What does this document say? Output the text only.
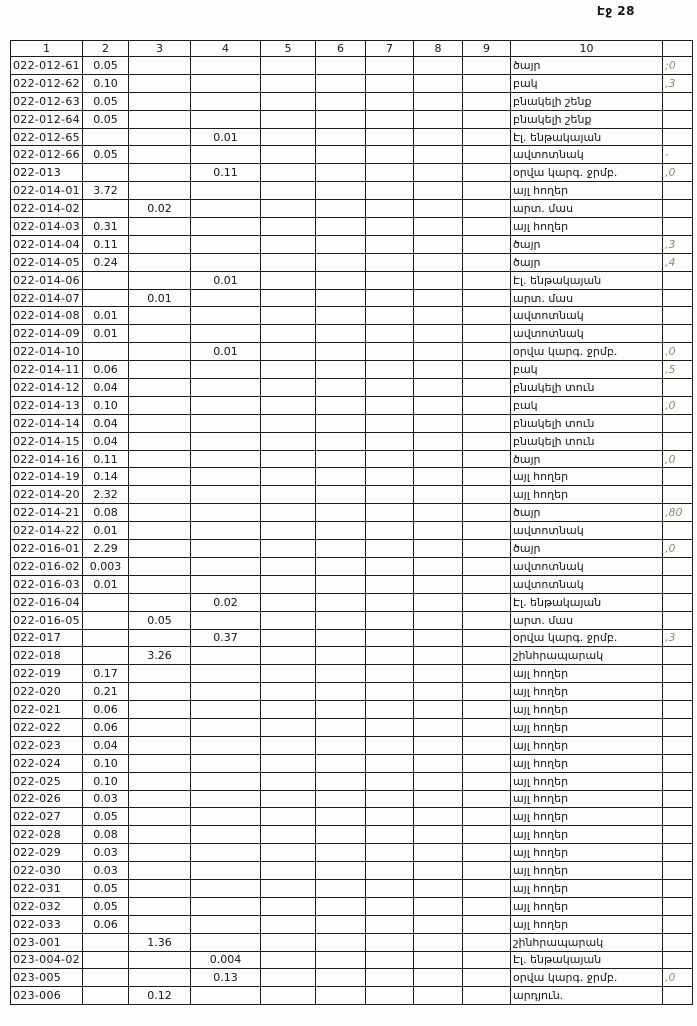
Էջ 28
1	2	3	4	5	6	7	8	9	10	
022-012-61	0.05								ծայր	;0
022-012-62	0.10								բակ	,3
022-012-63	0.05								բնակելի շենք	
022-012-64	0.05								բնակելի շենք	
022-012-65			0.01						Էլ. ենթակայան	
022-012-66	0.05								ավտոտնակ	-
022-013			0.11						օրվա կարգ. ջրմբ.	,0
022-014-01	3.72								այլ հողեր	
022-014-02		0.02							արտ. մաս	
022-014-03	0.31								այլ հողեր	
022-014-04	0.11								ծայր	,3
022-014-05	0.24								ծայր	,4
022-014-06			0.01						Էլ. ենթակայան	
022-014-07		0.01							արտ. մաս	
022-014-08	0.01								ավտոտնակ	
022-014-09	0.01								ավտոտնակ	
022-014-10			0.01						օրվա կարգ. ջրմբ.	,0
022-014-11	0.06								բակ	,5
022-014-12	0.04								բնակելի տուն	
022-014-13	0.10								բակ	,0
022-014-14	0.04								բնակելի տուն	
022-014-15	0.04								բնակելի տուն	
022-014-16	0.11								ծայր	,0
022-014-19	0.14								այլ հողեր	
022-014-20	2.32								այլ հողեր	
022-014-21	0.08								ծայր	,80
022-014-22	0.01								ավտոտնակ	
022-016-01	2.29								ծայր	,0
022-016-02	0.003								ավտոտնակ	
022-016-03	0.01								ավտոտնակ	
022-016-04			0.02						Էլ. ենթակայան	
022-016-05		0.05							արտ. մաս	
022-017			0.37						օրվա կարգ. ջրմբ.	,3
022-018		3.26							շինհրապարակ	
022-019	0.17								այլ հողեր	
022-020	0.21								այլ հողեր	
022-021	0.06								այլ հողեր	
022-022	0.06								այլ հողեր	
022-023	0.04								այլ հողեր	
022-024	0.10								այլ հողեր	
022-025	0.10								այլ հողեր	
022-026	0.03								այլ հողեր	
022-027	0.05								այլ հողեր	
022-028	0.08								այլ հողեր	
022-029	0.03								այլ հողեր	
022-030	0.03								այլ հողեր	
022-031	0.05								այլ հողեր	
022-032	0.05								այլ հողեր	
022-033	0.06								այլ հողեր	
023-001		1.36							շինհրապարակ	
023-004-02			0.004						Էլ. ենթակայան	
023-005			0.13						օրվա կարգ. ջրմբ.	,0
023-006		0.12							արդյուն.	
